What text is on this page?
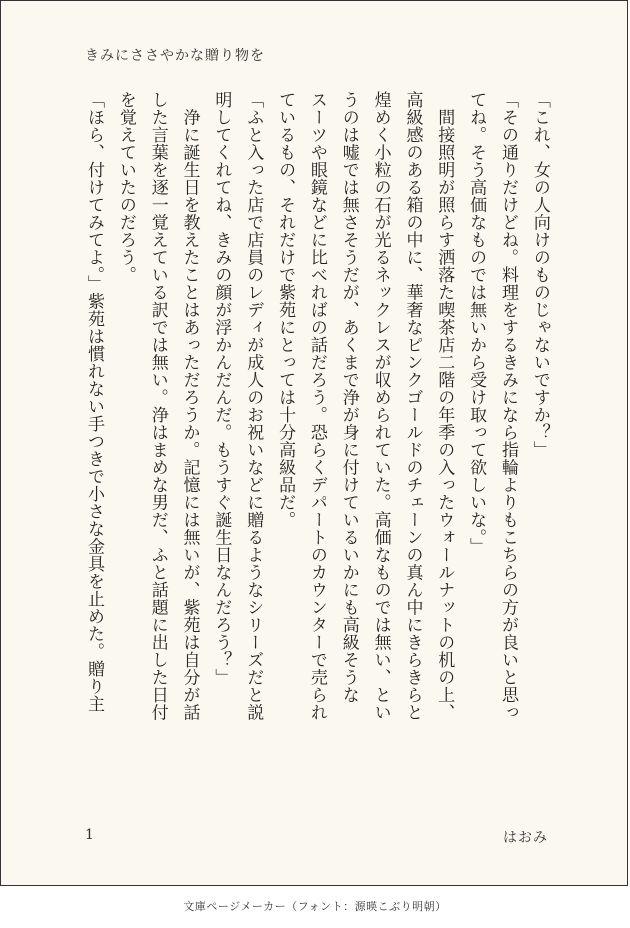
きみにささやかな贈り物を
「これ、女の人向けのものじゃないですか？」
「その通りだけどね。料理をするきみになら指輪よりもこちらの方が良いと思っ
てね。そう高価なものでは無いから受け取って欲しいな。」
　間接照明が照らす洒落た喫茶店二階の年季の入ったウォールナットの机の上、
高級感のある箱の中に、華奢なピンクゴールドのチェーンの真ん中にきらきらと
煌めく小粒の石が光るネックレスが収められていた。高価なものでは無い、とい
うのは嘘では無さそうだが、あくまで浄が身に付けているいかにも高級そうな
スーツや眼鏡などに比べればの話だろう。恐らくデパートのカウンターで売られ
ているもの、それだけで紫苑にとっては十分高級品だ。
「ふと入った店で店員のレディが成人のお祝いなどに贈るようなシリーズだと説
明してくれてね、きみの顔が浮かんだんだ。もうすぐ誕生日なんだろう？」
　浄に誕生日を教えたことはあっただろうか。記憶には無いが、紫苑は自分が話
した言葉を逐一覚えている訳では無い。浄はまめな男だ、ふと話題に出した日付
を覚えていたのだろう。
「ほら、付けてみてよ。」紫苑は慣れない手つきで小さな金具を止めた。贈り主
1	はおみ
文庫ページメーカー（フォント：源暎こぶり明朝）
